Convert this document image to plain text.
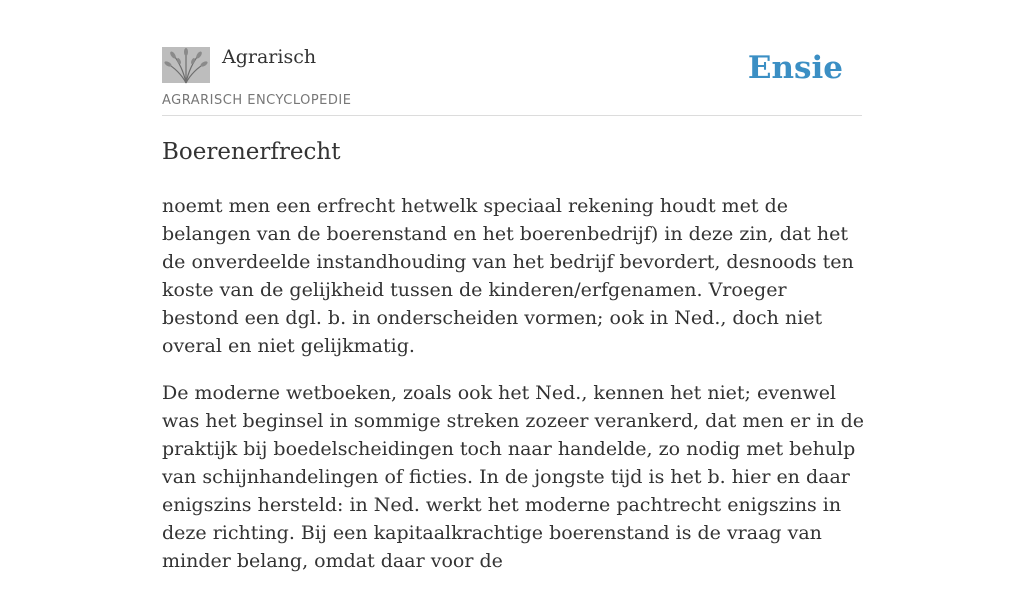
Agrarisch
AGRARISCH ENCYCLOPEDIE
Ensie
Boerenerfrecht

noemt men een erfrecht hetwelk speciaal rekening houdt met de belangen van de boerenstand en het boerenbedrijf) in deze zin, dat het de onverdeelde instandhouding van het bedrijf bevordert, desnoods ten koste van de gelijkheid tussen de kinderen/erfgenamen. Vroeger bestond een dgl. b. in onderscheiden vormen; ook in Ned., doch niet overal en niet gelijkmatig.

De moderne wetboeken, zoals ook het Ned., kennen het niet; evenwel was het beginsel in sommige streken zozeer verankerd, dat men er in de praktijk bij boedelscheidingen toch naar handelde, zo nodig met behulp van schijnhandelingen of ficties. In de jongste tijd is het b. hier en daar enigszins hersteld: in Ned. werkt het moderne pachtrecht enigszins in deze richting. Bij een kapitaalkrachtige boerenstand is de vraag van minder belang, omdat daar voor de
